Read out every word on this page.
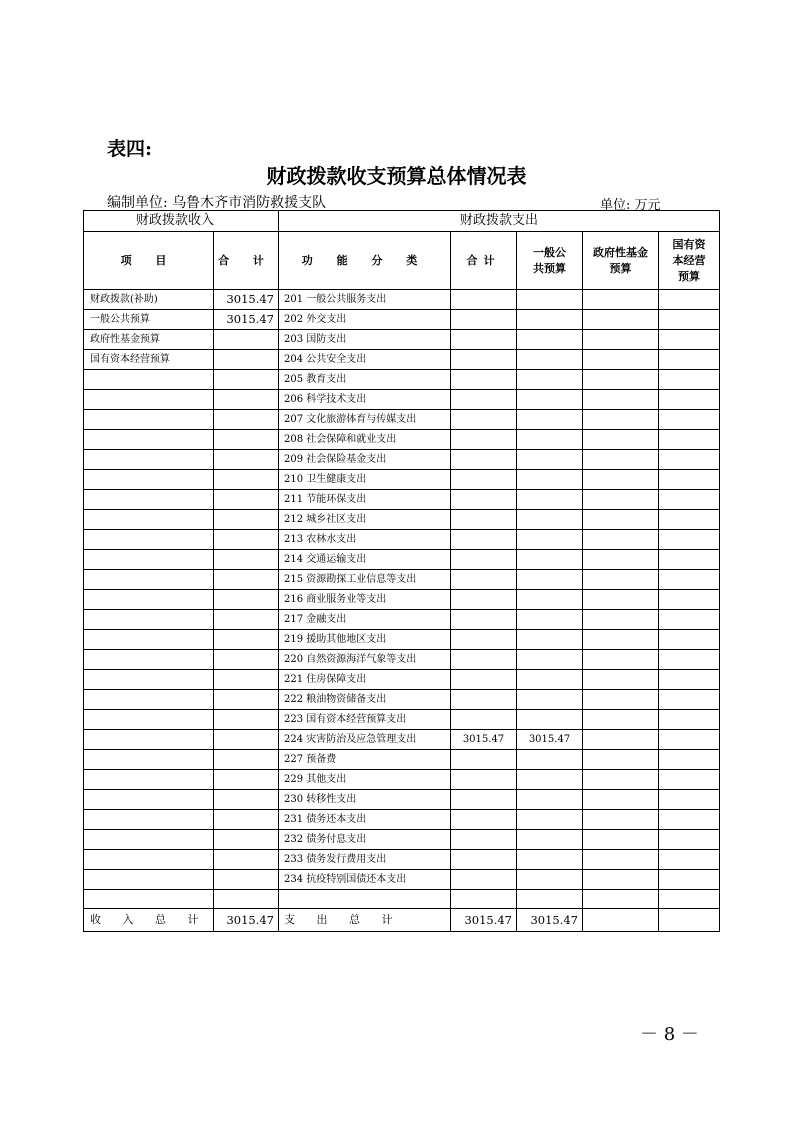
表四:
财政拨款收支预算总体情况表
编制单位: 乌鲁木齐市消防救援支队	单位: 万元
财政拨款收入		财政拨款支出				
项 目	合 计	功 能 分 类	合计	一般公共预算	政府性基金预算	国有资本经营预算
财政拨款(补助)	3015.47	201 一般公共服务支出				
一般公共预算	3015.47	202 外交支出				
政府性基金预算		203 国防支出				
国有资本经营预算		204 公共安全支出				
		205 教育支出				
		206 科学技术支出				
		207 文化旅游体育与传媒支出				
		208 社会保障和就业支出				
		209 社会保险基金支出				
		210 卫生健康支出				
		211 节能环保支出				
		212 城乡社区支出				
		213 农林水支出				
		214 交通运输支出				
		215 资源勘探工业信息等支出				
		216 商业服务业等支出				
		217 金融支出				
		219 援助其他地区支出				
		220 自然资源海洋气象等支出				
		221 住房保障支出				
		222 粮油物资储备支出				
		223 国有资本经营预算支出				
		224 灾害防治及应急管理支出	3015.47	3015.47		
		227 预备费				
		229 其他支出				
		230 转移性支出				
		231 债务还本支出				
		232 债务付息支出				
		233 债务发行费用支出				
		234 抗疫特别国债还本支出				

收 入 总 计	3015.47	支 出 总 计	3015.47	3015.47		
－ 8 －
